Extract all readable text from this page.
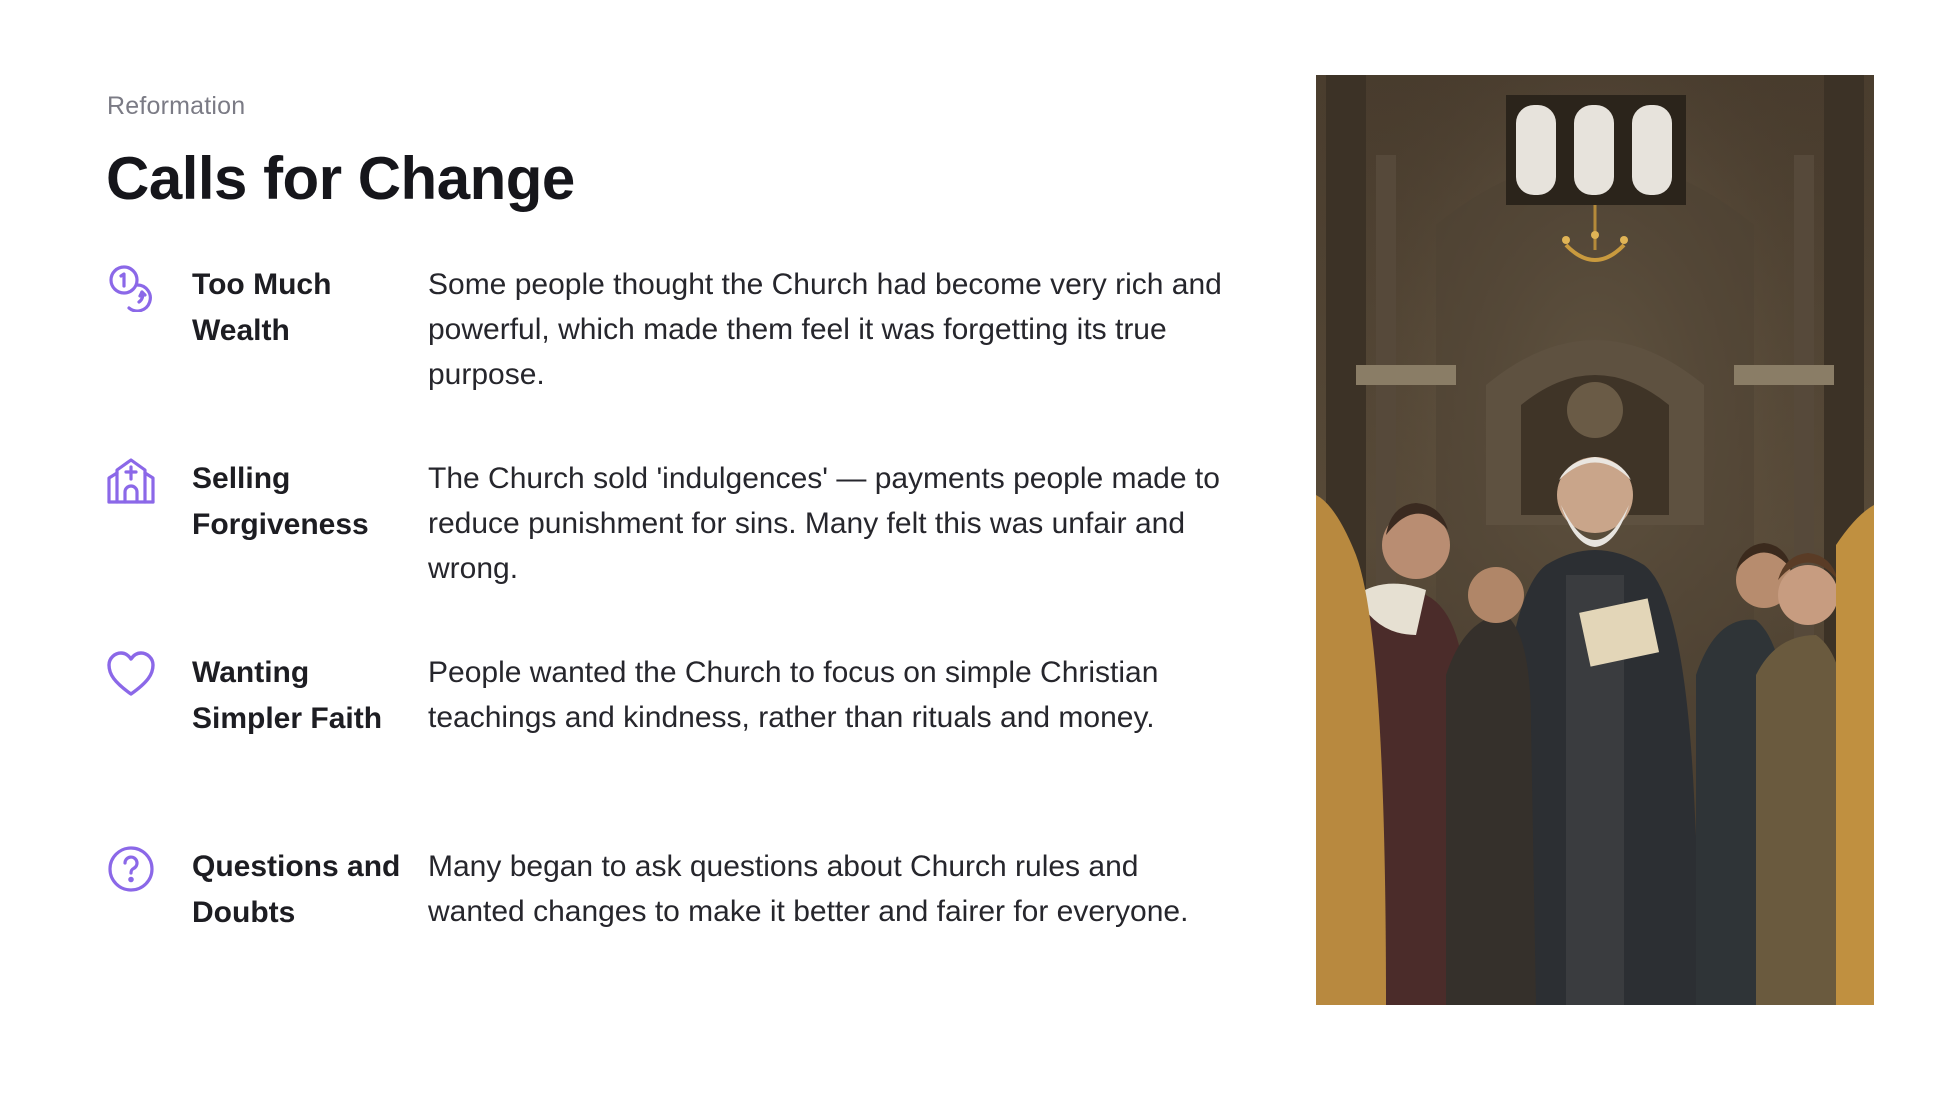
Reformation
Calls for Change
Too Much Wealth
Some people thought the Church had become very rich and powerful, which made them feel it was forgetting its true purpose.
Selling Forgiveness
The Church sold 'indulgences' — payments people made to reduce punishment for sins. Many felt this was unfair and wrong.
Wanting Simpler Faith
People wanted the Church to focus on simple Christian teachings and kindness, rather than rituals and money.
Questions and Doubts
Many began to ask questions about Church rules and wanted changes to make it better and fairer for everyone.
